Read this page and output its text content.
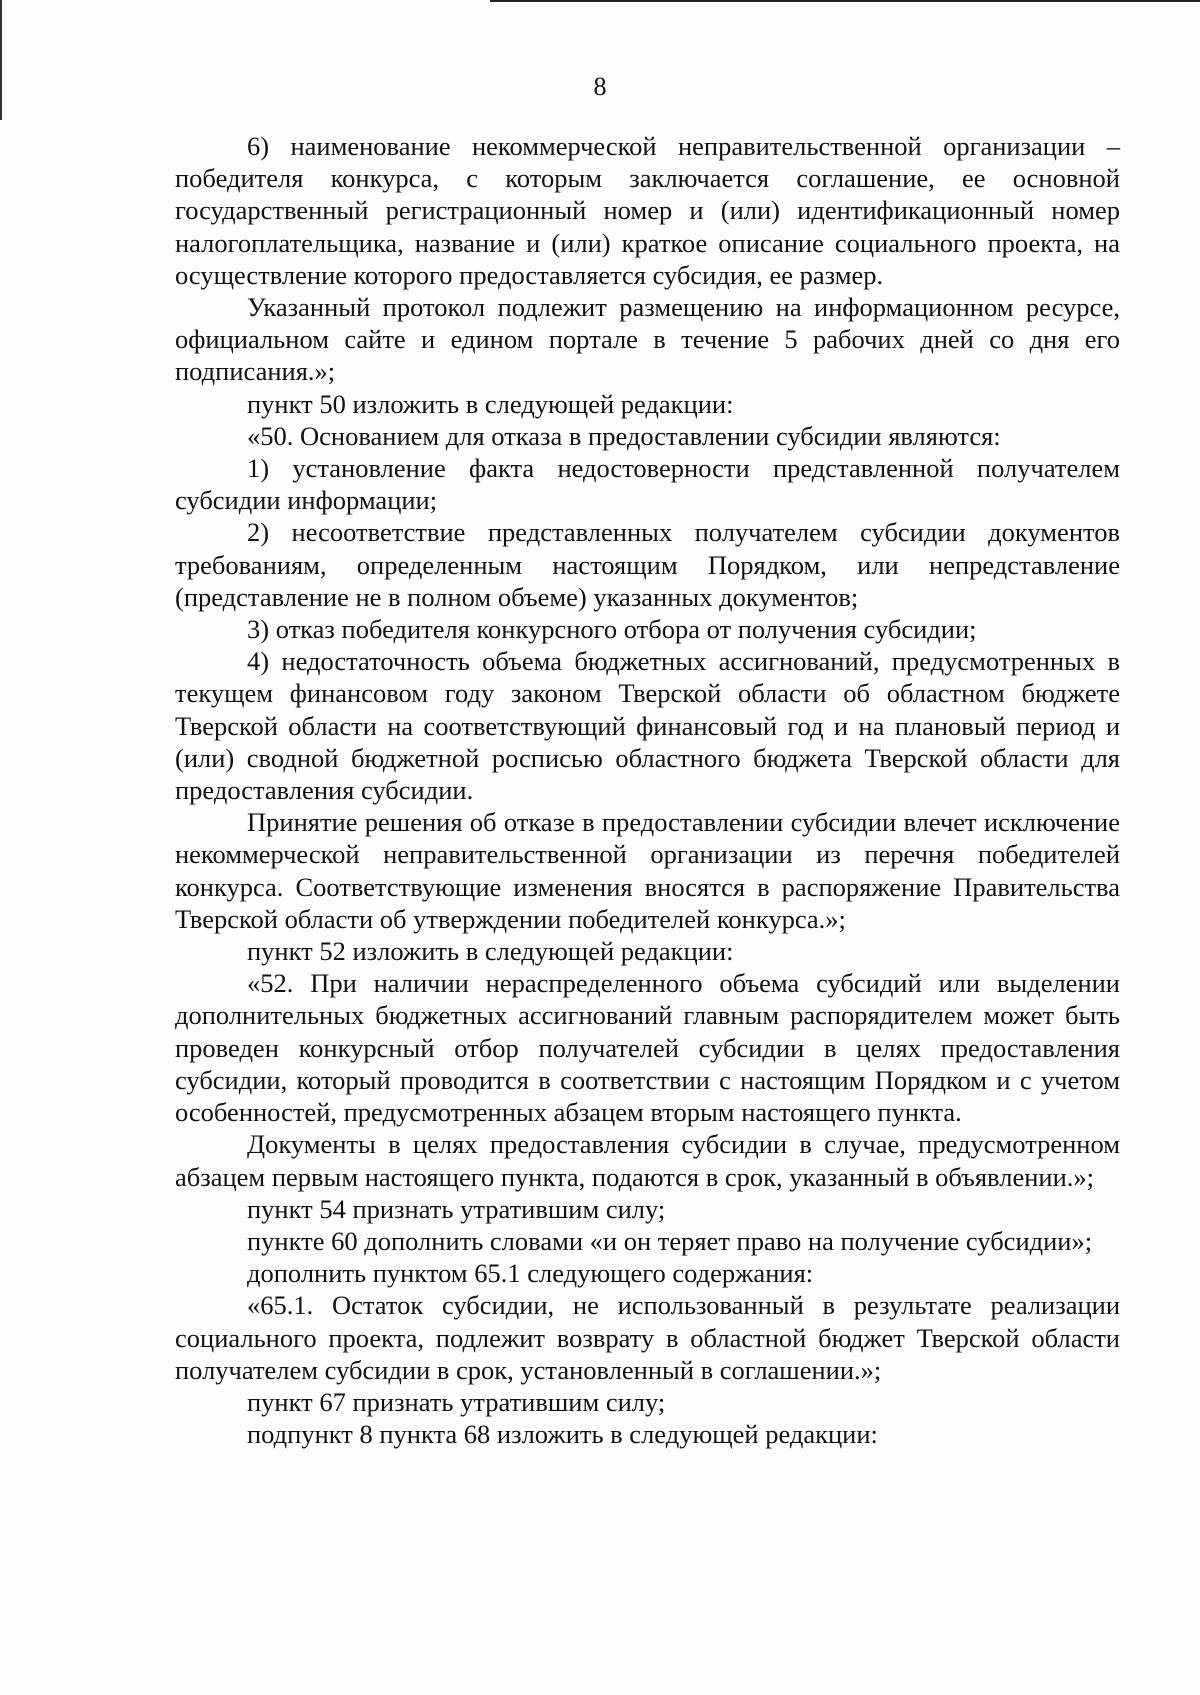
8

6) наименование некоммерческой неправительственной организации – победителя конкурса, с которым заключается соглашение, ее основной государственный регистрационный номер и (или) идентификационный номер налогоплательщика, название и (или) краткое описание социального проекта, на осуществление которого предоставляется субсидия, ее размер.

Указанный протокол подлежит размещению на информационном ресурсе, официальном сайте и едином портале в течение 5 рабочих дней со дня его подписания.»;

пункт 50 изложить в следующей редакции:

«50. Основанием для отказа в предоставлении субсидии являются:

1) установление факта недостоверности представленной получателем субсидии информации;

2) несоответствие представленных получателем субсидии документов требованиям, определенным настоящим Порядком, или непредставление (представление не в полном объеме) указанных документов;

3) отказ победителя конкурсного отбора от получения субсидии;

4) недостаточность объема бюджетных ассигнований, предусмотренных в текущем финансовом году законом Тверской области об областном бюджете Тверской области на соответствующий финансовый год и на плановый период и (или) сводной бюджетной росписью областного бюджета Тверской области для предоставления субсидии.

Принятие решения об отказе в предоставлении субсидии влечет исключение некоммерческой неправительственной организации из перечня победителей конкурса. Соответствующие изменения вносятся в распоряжение Правительства Тверской области об утверждении победителей конкурса.»;

пункт 52 изложить в следующей редакции:

«52. При наличии нераспределенного объема субсидий или выделении дополнительных бюджетных ассигнований главным распорядителем может быть проведен конкурсный отбор получателей субсидии в целях предоставления субсидии, который проводится в соответствии с настоящим Порядком и с учетом особенностей, предусмотренных абзацем вторым настоящего пункта.

Документы в целях предоставления субсидии в случае, предусмотренном абзацем первым настоящего пункта, подаются в срок, указанный в объявлении.»;

пункт 54 признать утратившим силу;

пункте 60 дополнить словами «и он теряет право на получение субсидии»;

дополнить пунктом 65.1 следующего содержания:

«65.1. Остаток субсидии, не использованный в результате реализации социального проекта, подлежит возврату в областной бюджет Тверской области получателем субсидии в срок, установленный в соглашении.»;

пункт 67 признать утратившим силу;

подпункт 8 пункта 68 изложить в следующей редакции:
